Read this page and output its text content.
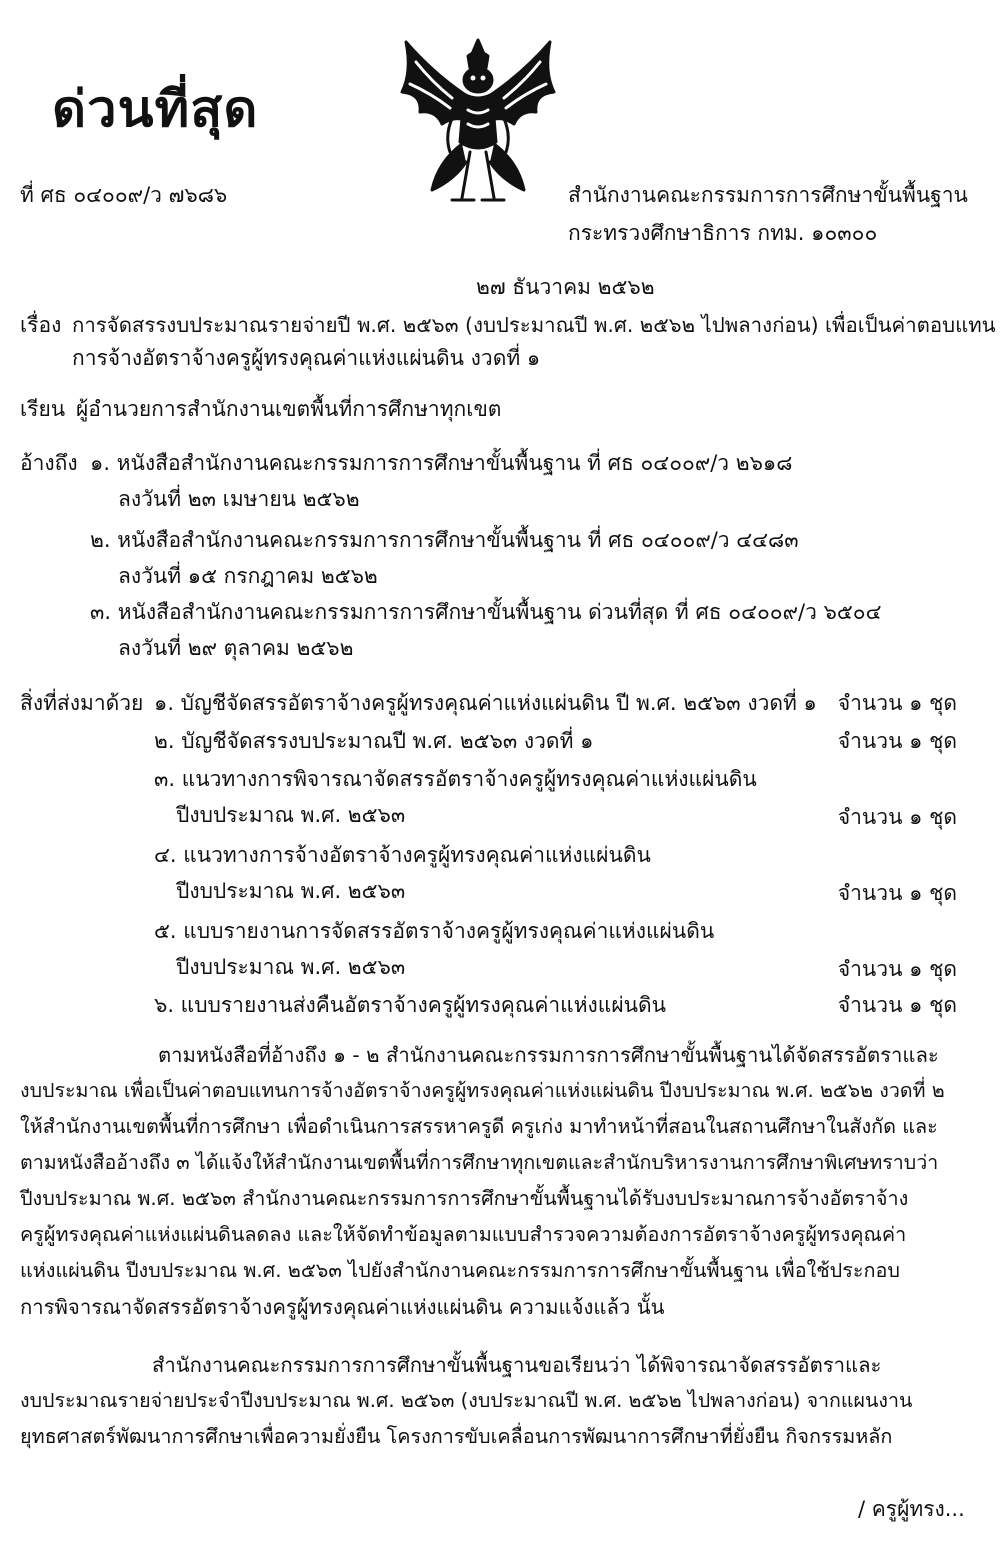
ด่วนที่สุด
ที่ ศธ ๐๔๐๐๙/ว ๗๖๘๖	สำนักงานคณะกรรมการการศึกษาขั้นพื้นฐาน
กระทรวงศึกษาธิการ กทม. ๑๐๓๐๐
๒๗ ธันวาคม ๒๕๖๒
เรื่อง การจัดสรรงบประมาณรายจ่ายปี พ.ศ. ๒๕๖๓ (งบประมาณปี พ.ศ. ๒๕๖๒ ไปพลางก่อน) เพื่อเป็นค่าตอบแทน
การจ้างอัตราจ้างครูผู้ทรงคุณค่าแห่งแผ่นดิน งวดที่ ๑
เรียน ผู้อำนวยการสำนักงานเขตพื้นที่การศึกษาทุกเขต
อ้างถึง ๑. หนังสือสำนักงานคณะกรรมการการศึกษาขั้นพื้นฐาน ที่ ศธ ๐๔๐๐๙/ว ๒๖๑๘
ลงวันที่ ๒๓ เมษายน ๒๕๖๒
๒. หนังสือสำนักงานคณะกรรมการการศึกษาขั้นพื้นฐาน ที่ ศธ ๐๔๐๐๙/ว ๔๔๘๓
ลงวันที่ ๑๕ กรกฎาคม ๒๕๖๒
๓. หนังสือสำนักงานคณะกรรมการการศึกษาขั้นพื้นฐาน ด่วนที่สุด ที่ ศธ ๐๔๐๐๙/ว ๖๕๐๔
ลงวันที่ ๒๙ ตุลาคม ๒๕๖๒
สิ่งที่ส่งมาด้วย ๑. บัญชีจัดสรรอัตราจ้างครูผู้ทรงคุณค่าแห่งแผ่นดิน ปี พ.ศ. ๒๕๖๓ งวดที่ ๑ จำนวน ๑ ชุด
๒. บัญชีจัดสรรงบประมาณปี พ.ศ. ๒๕๖๓ งวดที่ ๑	จำนวน ๑ ชุด
๓. แนวทางการพิจารณาจัดสรรอัตราจ้างครูผู้ทรงคุณค่าแห่งแผ่นดิน
ปีงบประมาณ พ.ศ. ๒๕๖๓	จำนวน ๑ ชุด
๔. แนวทางการจ้างอัตราจ้างครูผู้ทรงคุณค่าแห่งแผ่นดิน
ปีงบประมาณ พ.ศ. ๒๕๖๓	จำนวน ๑ ชุด
๕. แบบรายงานการจัดสรรอัตราจ้างครูผู้ทรงคุณค่าแห่งแผ่นดิน
ปีงบประมาณ พ.ศ. ๒๕๖๓	จำนวน ๑ ชุด
๖. แบบรายงานส่งคืนอัตราจ้างครูผู้ทรงคุณค่าแห่งแผ่นดิน	จำนวน ๑ ชุด
ตามหนังสือที่อ้างถึง ๑ - ๒ สำนักงานคณะกรรมการการศึกษาขั้นพื้นฐานได้จัดสรรอัตราและ
งบประมาณ เพื่อเป็นค่าตอบแทนการจ้างอัตราจ้างครูผู้ทรงคุณค่าแห่งแผ่นดิน ปีงบประมาณ พ.ศ. ๒๕๖๒ งวดที่ ๒
ให้สำนักงานเขตพื้นที่การศึกษา เพื่อดำเนินการสรรหาครูดี ครูเก่ง มาทำหน้าที่สอนในสถานศึกษาในสังกัด และ
ตามหนังสืออ้างถึง ๓ ได้แจ้งให้สำนักงานเขตพื้นที่การศึกษาทุกเขตและสำนักบริหารงานการศึกษาพิเศษทราบว่า
ปีงบประมาณ พ.ศ. ๒๕๖๓ สำนักงานคณะกรรมการการศึกษาขั้นพื้นฐานได้รับงบประมาณการจ้างอัตราจ้าง
ครูผู้ทรงคุณค่าแห่งแผ่นดินลดลง และให้จัดทำข้อมูลตามแบบสำรวจความต้องการอัตราจ้างครูผู้ทรงคุณค่า
แห่งแผ่นดิน ปีงบประมาณ พ.ศ. ๒๕๖๓ ไปยังสำนักงานคณะกรรมการการศึกษาขั้นพื้นฐาน เพื่อใช้ประกอบ
การพิจารณาจัดสรรอัตราจ้างครูผู้ทรงคุณค่าแห่งแผ่นดิน ความแจ้งแล้ว นั้น
สำนักงานคณะกรรมการการศึกษาขั้นพื้นฐานขอเรียนว่า ได้พิจารณาจัดสรรอัตราและ
งบประมาณรายจ่ายประจำปีงบประมาณ พ.ศ. ๒๕๖๓ (งบประมาณปี พ.ศ. ๒๕๖๒ ไปพลางก่อน) จากแผนงาน
ยุทธศาสตร์พัฒนาการศึกษาเพื่อความยั่งยืน โครงการขับเคลื่อนการพัฒนาการศึกษาที่ยั่งยืน กิจกรรมหลัก
/ ครูผู้ทรง...
